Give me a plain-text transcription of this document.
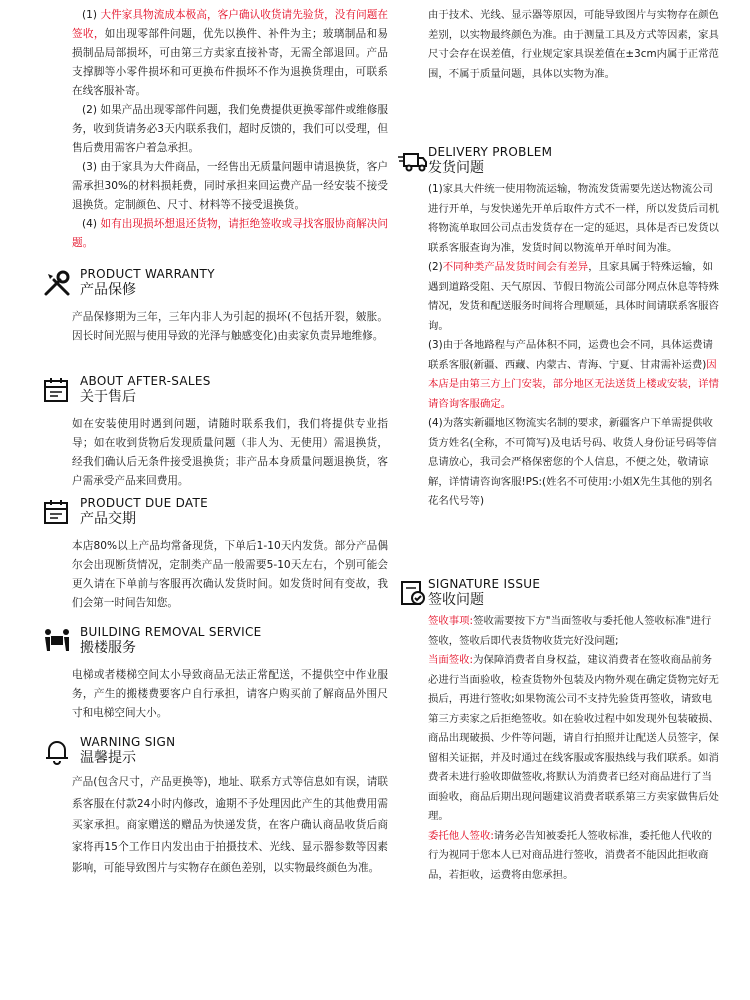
(1) 大件家具物流成本极高，客户确认收货请先验货，没有问题在签收，如出现零部件问题，优先以换件、补件为主；玻璃制品和易损制品局部损坏，可由第三方卖家直接补寄，无需全部退回。产品支撑脚等小零件损坏和可更换布件损坏不作为退换货理由，可联系在线客服补寄。

(2) 如果产品出现零部件问题，我们免费提供更换零部件或维修服务，收到货请务必3天内联系我们，超时反馈的，我们可以受理，但售后费用需客户着急承担。

(3) 由于家具为大件商品，一经售出无质量问题申请退换货，客户需承担30%的材料损耗费，同时承担来回运费产品一经安装不接受退换货。定制颜色、尺寸、材料等不接受退换货。

(4) 如有出现损坏想退还货物，请拒绝签收或寻找客服协商解决问题。

PRODUCT WARRANTY
产品保修

产品保修期为三年，三年内非人为引起的损坏(不包括开裂，皴胀。因长时间光照与使用导致的光泽与触感变化)由卖家负责异地维修。

ABOUT AFTER-SALES
关于售后

如在安装使用时遇到问题，请随时联系我们，我们将提供专业指导；如在收到货物后发现质量问题（非人为、无使用）需退换货，经我们确认后无条件接受退换货；非产品本身质量问题退换货，客户需承受产品来回费用。

PRODUCT DUE DATE
产品交期

本店80%以上产品均常备现货，下单后1-10天内发货。部分产品偶尔会出现断货情况，定制类产品一般需要5-10天左右，个别可能会更久请在下单前与客服再次确认发货时间。如发货时间有变故，我们会第一时间告知您。

BUILDING REMOVAL SERVICE
搬楼服务

电梯或者楼梯空间太小导致商品无法正常配送，不提供空中作业服务，产生的搬楼费要客户自行承担，请客户购买前了解商品外围尺寸和电梯空间大小。

WARNING SIGN
温馨提示

产品(包含尺寸，产品更换等)，地址、联系方式等信息如有误，请联系客服在付款24小时内修改，逾期不予处理因此产生的其他费用需买家承担。商家赠送的赠品为快递发货，在客户确认商品收货后商家将再15个工作日内发出由于拍摄技术、光线、显示器参数等因素影响，可能导致图片与实物存在颜色差别，以实物最终颜色为准。

由于技术、光线、显示器等原因，可能导致图片与实物存在颜色差别，以实物最终颜色为准。由于测量工具及方式等因素，家具尺寸会存在误差值，行业规定家具误差值在±3cm内属于正常范围，不属于质量问题，具体以实物为准。

DELIVERY PROBLEM
发货问题

(1)家具大件统一使用物流运输，物流发货需要先送达物流公司进行开单，与发快递先开单后取件方式不一样，所以发货后司机将物流单取回公司点击发货存在一定的延迟，具体是否已发货以联系客服查询为准，发货时间以物流单开单时间为准。

(2)不同种类产品发货时间会有差异，且家具属于特殊运输，如遇到道路受阻、天气原因、节假日物流公司部分网点休息等特殊情况，发货和配送服务时间将合理顺延，具体时间请联系客服咨询。

(3)由于各地路程与产品体积不同，运费也会不同，具体运费请联系客服(新疆、西藏、内蒙古、青海、宁夏、甘肃需补运费)因本店是由第三方上门安装，部分地区无法送货上楼或安装，详情请咨询客服确定。

(4)为落实新疆地区物流实名制的要求，新疆客户下单需提供收货方姓名(全称，不可简写)及电话号码、收货人身份证号码等信息请放心，我司会严格保密您的个人信息，不便之处，敬请谅解，详情请咨询客服!PS:(姓名不可使用:小姐X先生其他的别名花名代号等)

SIGNATURE ISSUE
签收问题

签收事项:签收需要按下方"当面签收与委托他人签收标准"进行签收，签收后即代表货物收货完好没问题;

当面签收:为保障消费者自身权益，建议消费者在签收商品前务必进行当面验收，检查货物外包装及内物外观在确定货物完好无损后，再进行签收;如果物流公司不支持先验货再签收，请致电第三方卖家之后拒绝签收。如在验收过程中如发现外包装破损、商品出现破损、少件等问题，请自行拍照并让配送人员签字，保留相关证据，并及时通过在线客服或客服热线与我们联系。如消费者未进行验收即做签收,将默认为消费者已经对商品进行了当面验收，商品后期出现问题建议消费者联系第三方卖家做售后处理。

委托他人签收:请务必告知被委托人签收标准，委托他人代收的行为视同于您本人已对商品进行签收，消费者不能因此拒收商品，若拒收，运费将由您承担。
